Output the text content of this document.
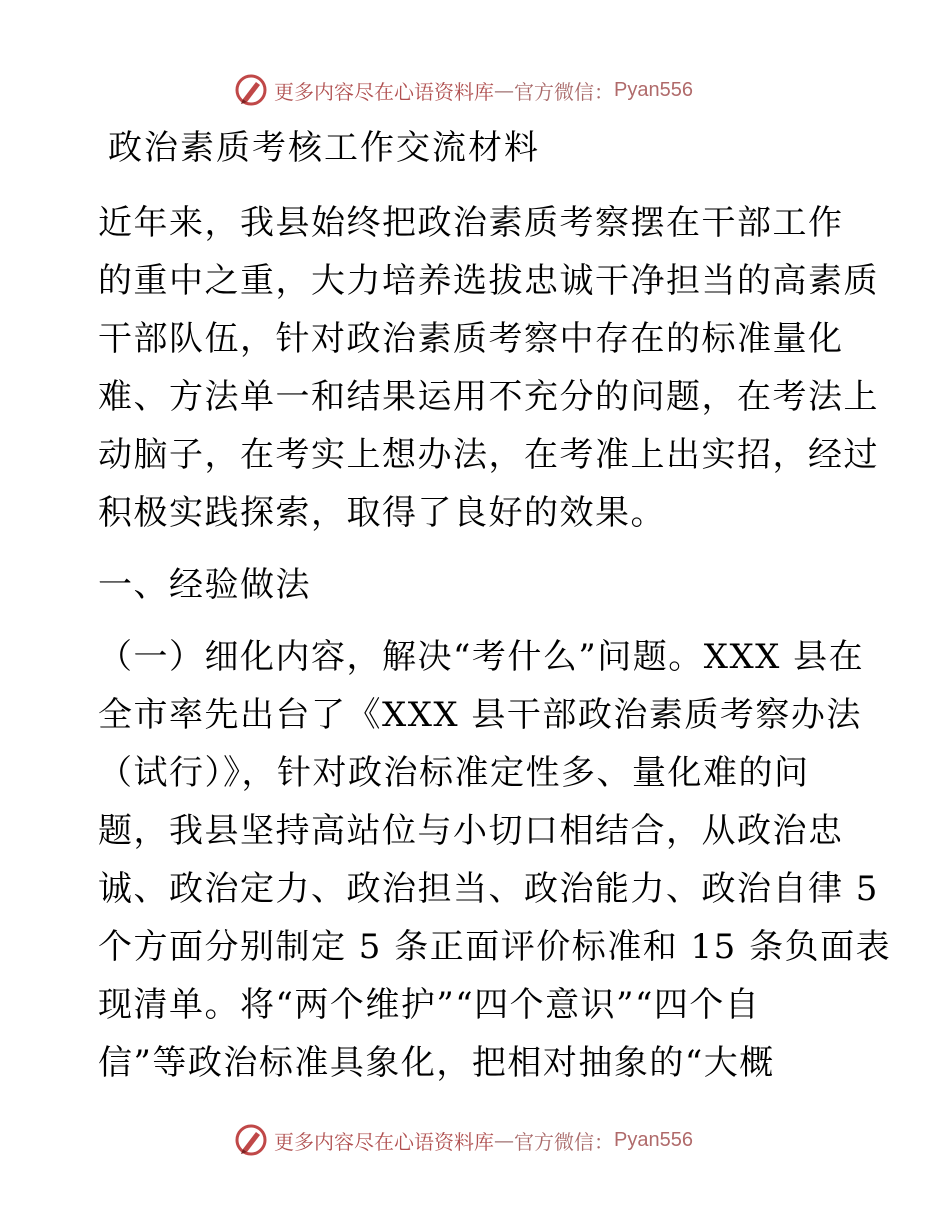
更多内容尽在心语资料库 — 官方微信： Pyan556
政治素质考核工作交流材料
近年来，我县始终把政治素质考察摆在干部工作
的重中之重，大力培养选拔忠诚干净担当的高素质
干部队伍，针对政治素质考察中存在的标准量化
难、方法单一和结果运用不充分的问题，在考法上
动脑子，在考实上想办法，在考准上出实招，经过
积极实践探索，取得了良好的效果。
一、经验做法
（一）细化内容，解决“考什么”问题。XXX 县在
全市率先出台了《XXX 县干部政治素质考察办法
（试行）》，针对政治标准定性多、量化难的问
题，我县坚持高站位与小切口相结合，从政治忠
诚、政治定力、政治担当、政治能力、政治自律 5
个方面分别制定 5 条正面评价标准和 15 条负面表
现清单。将“两个维护”“四个意识”“四个自
信”等政治标准具象化，把相对抽象的“大概
更多内容尽在心语资料库 — 官方微信： Pyan556
